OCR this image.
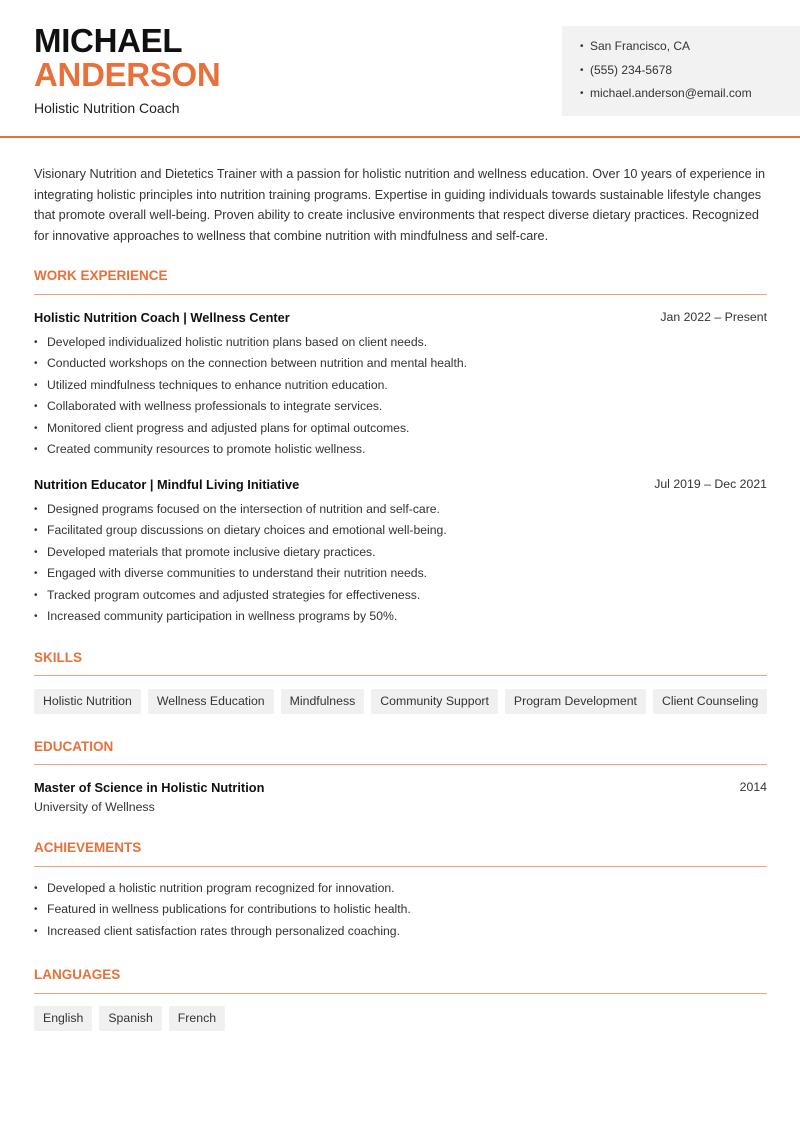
MICHAEL
ANDERSON
Holistic Nutrition Coach
• San Francisco, CA
• (555) 234-5678
• michael.anderson@email.com
Visionary Nutrition and Dietetics Trainer with a passion for holistic nutrition and wellness education. Over 10 years of experience in integrating holistic principles into nutrition training programs. Expertise in guiding individuals towards sustainable lifestyle changes that promote overall well-being. Proven ability to create inclusive environments that respect diverse dietary practices. Recognized for innovative approaches to wellness that combine nutrition with mindfulness and self-care.
WORK EXPERIENCE
Holistic Nutrition Coach | Wellness Center	Jan 2022 – Present
• Developed individualized holistic nutrition plans based on client needs.
• Conducted workshops on the connection between nutrition and mental health.
• Utilized mindfulness techniques to enhance nutrition education.
• Collaborated with wellness professionals to integrate services.
• Monitored client progress and adjusted plans for optimal outcomes.
• Created community resources to promote holistic wellness.
Nutrition Educator | Mindful Living Initiative	Jul 2019 – Dec 2021
• Designed programs focused on the intersection of nutrition and self-care.
• Facilitated group discussions on dietary choices and emotional well-being.
• Developed materials that promote inclusive dietary practices.
• Engaged with diverse communities to understand their nutrition needs.
• Tracked program outcomes and adjusted strategies for effectiveness.
• Increased community participation in wellness programs by 50%.
SKILLS
Holistic Nutrition	Wellness Education	Mindfulness	Community Support	Program Development	Client Counseling
EDUCATION
Master of Science in Holistic Nutrition	2014
University of Wellness
ACHIEVEMENTS
• Developed a holistic nutrition program recognized for innovation.
• Featured in wellness publications for contributions to holistic health.
• Increased client satisfaction rates through personalized coaching.
LANGUAGES
English	Spanish	French
